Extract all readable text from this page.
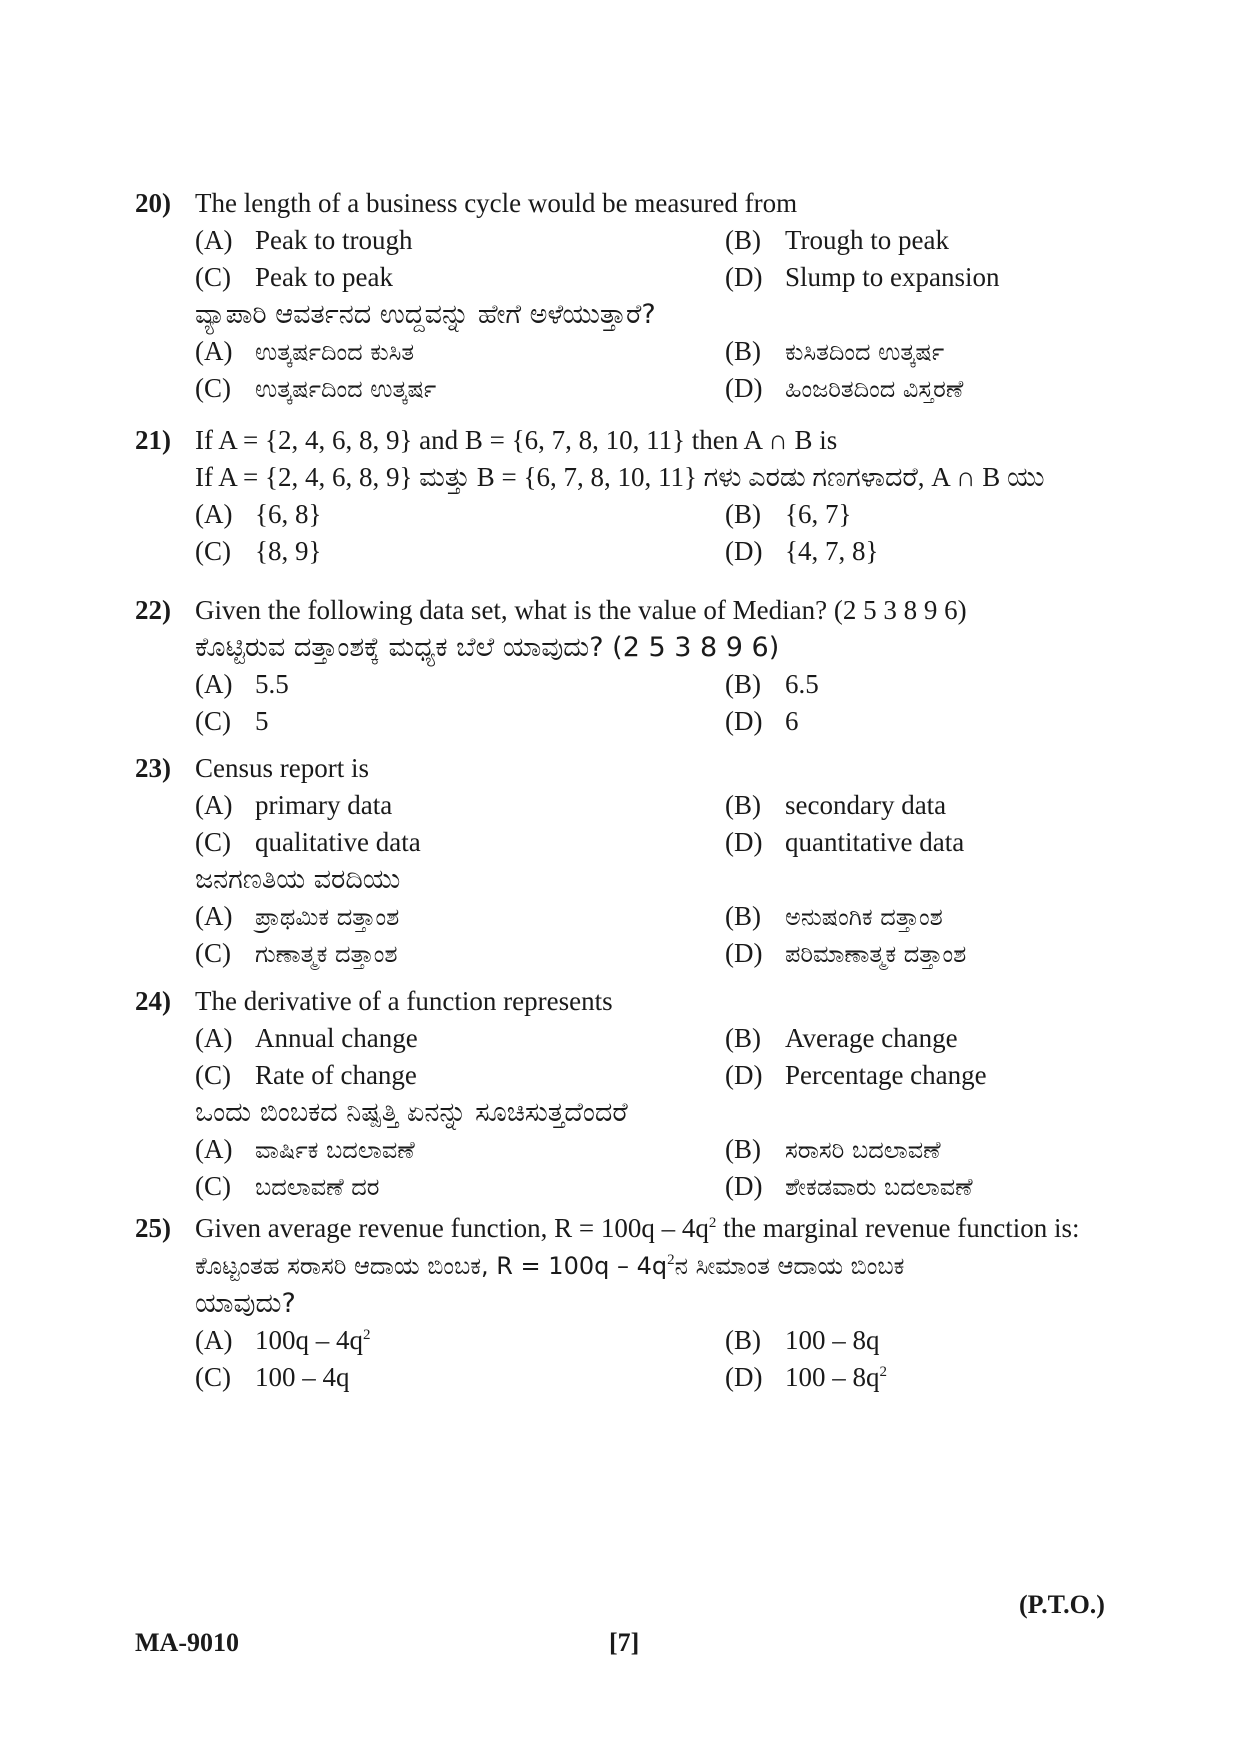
20) The length of a business cycle would be measured from
(A) Peak to trough	(B) Trough to peak
(C) Peak to peak	(D) Slump to expansion
ವ್ಯಾಪಾರಿ ಆವರ್ತನದ ಉದ್ದವನ್ನು ಹೇಗೆ ಅಳೆಯುತ್ತಾರೆ?
(A) ಉತ್ಕರ್ಷದಿಂದ ಕುಸಿತ	(B) ಕುಸಿತದಿಂದ ಉತ್ಕರ್ಷ
(C) ಉತ್ಕರ್ಷದಿಂದ ಉತ್ಕರ್ಷ	(D) ಹಿಂಜರಿತದಿಂದ ವಿಸ್ತರಣೆ
21) If A = {2, 4, 6, 8, 9} and B = {6, 7, 8, 10, 11} then A ∩ B is
If A = {2, 4, 6, 8, 9} ಮತ್ತು B = {6, 7, 8, 10, 11} ಗಳು ಎರಡು ಗಣಗಳಾದರೆ, A ∩ B ಯು
(A) {6, 8}	(B) {6, 7}
(C) {8, 9}	(D) {4, 7, 8}
22) Given the following data set, what is the value of Median? (2 5 3 8 9 6)
ಕೊಟ್ಟಿರುವ ದತ್ತಾಂಶಕ್ಕೆ ಮಧ್ಯಕ ಬೆಲೆ ಯಾವುದು? (2 5 3 8 9 6)
(A) 5.5	(B) 6.5
(C) 5	(D) 6
23) Census report is
(A) primary data	(B) secondary data
(C) qualitative data	(D) quantitative data
ಜನಗಣತಿಯ ವರದಿಯು
(A) ಪ್ರಾಥಮಿಕ ದತ್ತಾಂಶ	(B) ಅನುಷಂಗಿಕ ದತ್ತಾಂಶ
(C) ಗುಣಾತ್ಮಕ ದತ್ತಾಂಶ	(D) ಪರಿಮಾಣಾತ್ಮಕ ದತ್ತಾಂಶ
24) The derivative of a function represents
(A) Annual change	(B) Average change
(C) Rate of change	(D) Percentage change
ಒಂದು ಬಿಂಬಕದ ನಿಷ್ಪತ್ತಿ ಏನನ್ನು ಸೂಚಿಸುತ್ತದೆಂದರೆ
(A) ವಾರ್ಷಿಕ ಬದಲಾವಣೆ	(B) ಸರಾಸರಿ ಬದಲಾವಣೆ
(C) ಬದಲಾವಣೆ ದರ	(D) ಶೇಕಡವಾರು ಬದಲಾವಣೆ
25) Given average revenue function, $R = 100q - 4q^2$ the marginal revenue function is:
ಕೊಟ್ಟಂತಹ ಸರಾಸರಿ ಆದಾಯ ಬಿಂಬಕ, $R = 100q - 4q^2ನ$ ಸೀಮಾಂತ ಆದಾಯ ಬಿಂಬಕ
ಯಾವುದು?
(A) $100q - 4q^2$	(B) 100 – 8q
(C) 100 – 4q	(D) $100 - 8q^2$
(P.T.O.)
MA-9010	[7]
